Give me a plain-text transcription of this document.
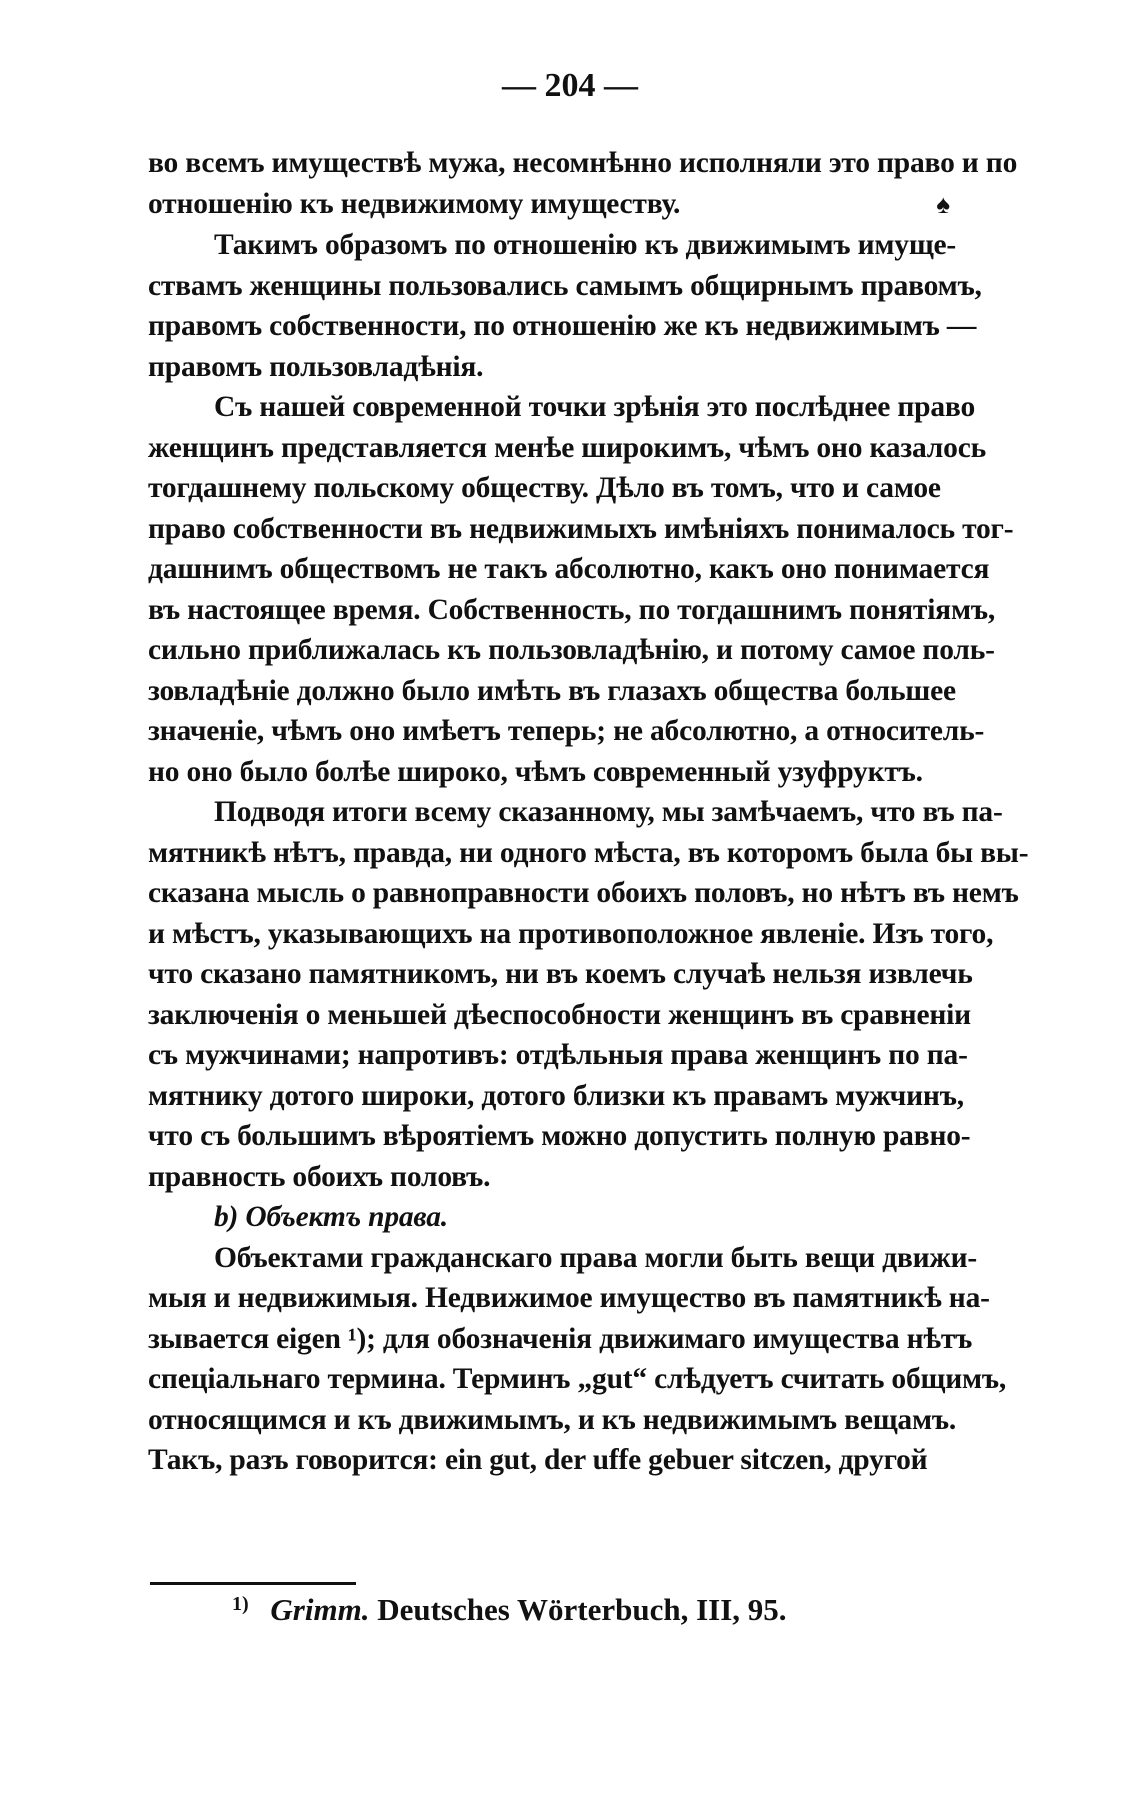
— 204 —
во всемъ имуществѣ мужа, несомнѣнно исполняли это право и по
отношенію къ недвижимому имуществу.	♠
Такимъ образомъ по отношенію къ движимымъ имуще-
ствамъ женщины пользовались самымъ общирнымъ правомъ,
правомъ собственности, по отношенію же къ недвижимымъ —
правомъ пользовладѣнія.
Съ нашей современной точки зрѣнія это послѣднее право
женщинъ представляется менѣе широкимъ, чѣмъ оно казалось
тогдашнему польскому обществу. Дѣло въ томъ, что и самое
право собственности въ недвижимыхъ имѣніяхъ понималось тог-
дашнимъ обществомъ не такъ абсолютно, какъ оно понимается
въ настоящее время. Собственность, по тогдашнимъ понятіямъ,
сильно приближалась къ пользовладѣнію, и потому самое поль-
зовладѣніе должно было имѣть въ глазахъ общества большее
значеніе, чѣмъ оно имѣетъ теперь; не абсолютно, а относитель-
но оно было болѣе широко, чѣмъ современный узуфруктъ.
Подводя итоги всему сказанному, мы замѣчаемъ, что въ па-
мятникѣ нѣтъ, правда, ни одного мѣста, въ которомъ была бы вы-
сказана мысль о равноправности обоихъ половъ, но нѣтъ въ немъ
и мѣстъ, указывающихъ на противоположное явленіе. Изъ того,
что сказано памятникомъ, ни въ коемъ случаѣ нельзя извлечь
заключенія о меньшей дѣеспособности женщинъ въ сравненіи
съ мужчинами; напротивъ: отдѣльныя права женщинъ по па-
мятнику дотого широки, дотого близки къ правамъ мужчинъ,
что съ большимъ вѣроятіемъ можно допустить полную равно-
правность обоихъ половъ.
b) Объектъ права.
Объектами гражданскаго права могли быть вещи движи-
мыя и недвижимыя. Недвижимое имущество въ памятникѣ на-
зывается eigen ¹); для обозначенія движимаго имущества нѣтъ
спеціальнаго термина. Терминъ „gut“ слѣдуетъ считать общимъ,
относящимся и къ движимымъ, и къ недвижимымъ вещамъ.
Такъ, разъ говорится: ein gut, der uffe gebuer sitczen, другой
$^{1)}$ Grimm. Deutsches Wörterbuch, III, 95.
